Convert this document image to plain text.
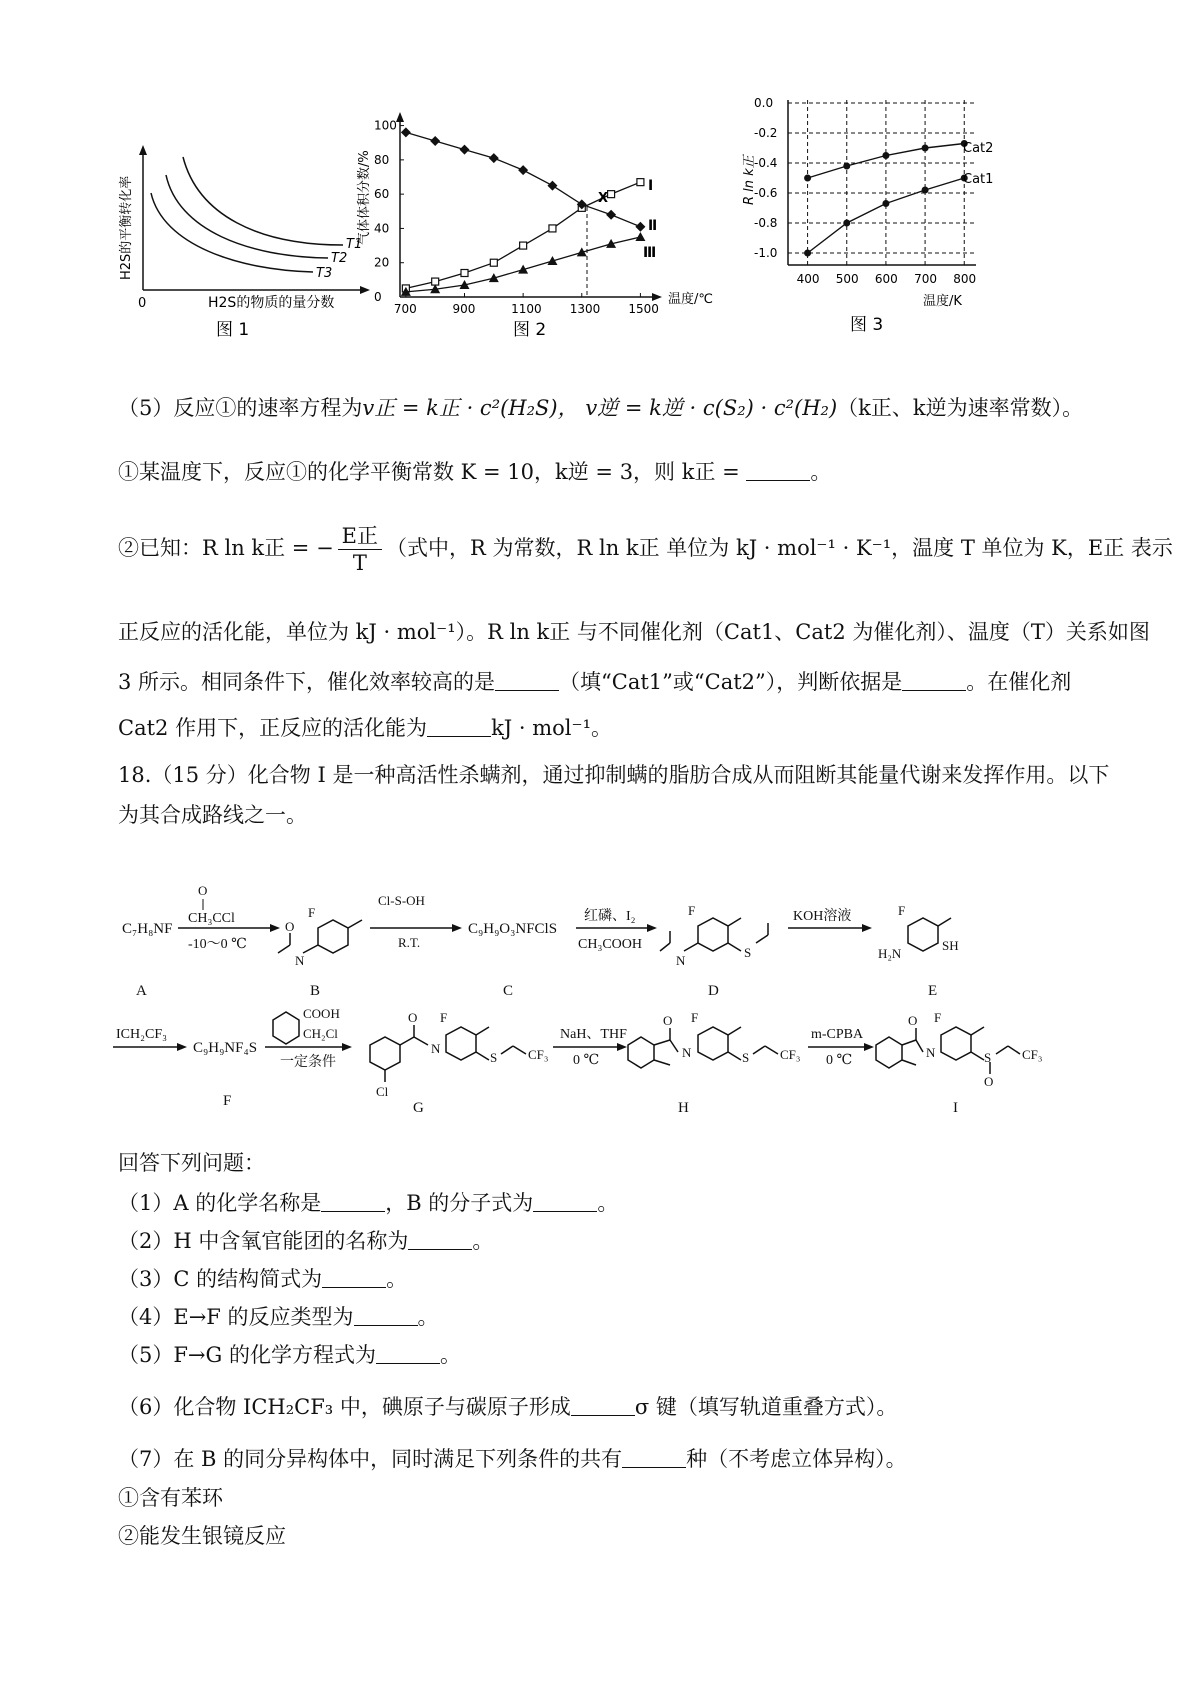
T1
T2
T3
0	H2S的物质的量分数
H2S的平衡转化率
图 1
700	900	1100 1300 1500
0
20
40
60
80
100
X
Ⅰ
Ⅱ
Ⅲ
温度/℃
气体体积分数/%
图 2
400 500 600 700 800
0.0
-0.2
-0.4
-0.6
-0.8
-1.0
Cat2
Cat1
温度/K
R ln k正
图 3
（5）反应①的速率方程为v正 = k正 · c²(H₂S)， v逆 = k逆 · c(S₂) · c²(H₂)（k正、k逆为速率常数）。
①某温度下，反应①的化学平衡常数 K = 10，k逆 = 3，则 k正 =	。
②已知：R ln k正 = − $\frac{\text{E正}}{T}$ （式中，R 为常数，R ln k正 单位为 kJ · mol⁻¹ · K⁻¹，温度 T 单位为 K，E正 表示
正反应的活化能，单位为 kJ · mol⁻¹）。R ln k正 与不同催化剂（Cat1、Cat2 为催化剂）、温度（T）关系如图
3 所示。相同条件下，催化效率较高的是	（填“Cat1”或“Cat2”），判断依据是	。在催化剂
Cat2 作用下，正反应的活化能为	kJ · mol⁻¹。
18.（15 分）化合物 I 是一种高活性杀螨剂，通过抑制螨的脂肪合成从而阻断其能量代谢来发挥作用。以下
为其合成路线之一。
C₇H₈NF
O
CH₃CCl
-10～0 ℃
F
N
O
B
A
Cl-S-OH
R.T.
C₉H₉O₃NFClS
C
红磷、I₂
CH₃COOH
F
S
N
D
KOH溶液	F
H₂N
SH
E
ICH₂CF₃
C₉H₉NF₄S
F
COOH
CH₂Cl
一定条件
O
N
F
S CF₃
Cl
G
NaH、THF
0 ℃
O
N
F
S CF₃
H
m-CPBA
0 ℃
O
N
F
S
O
CF₃
I
回答下列问题：
（1）A 的化学名称是	，B 的分子式为	。
（2）H 中含氧官能团的名称为	。
（3）C 的结构简式为	。
（4）E→F 的反应类型为	。
（5）F→G 的化学方程式为	。
（6）化合物 ICH₂CF₃ 中，碘原子与碳原子形成	σ 键（填写轨道重叠方式）。
（7）在 B 的同分异构体中，同时满足下列条件的共有	种（不考虑立体异构）。
①含有苯环
②能发生银镜反应
